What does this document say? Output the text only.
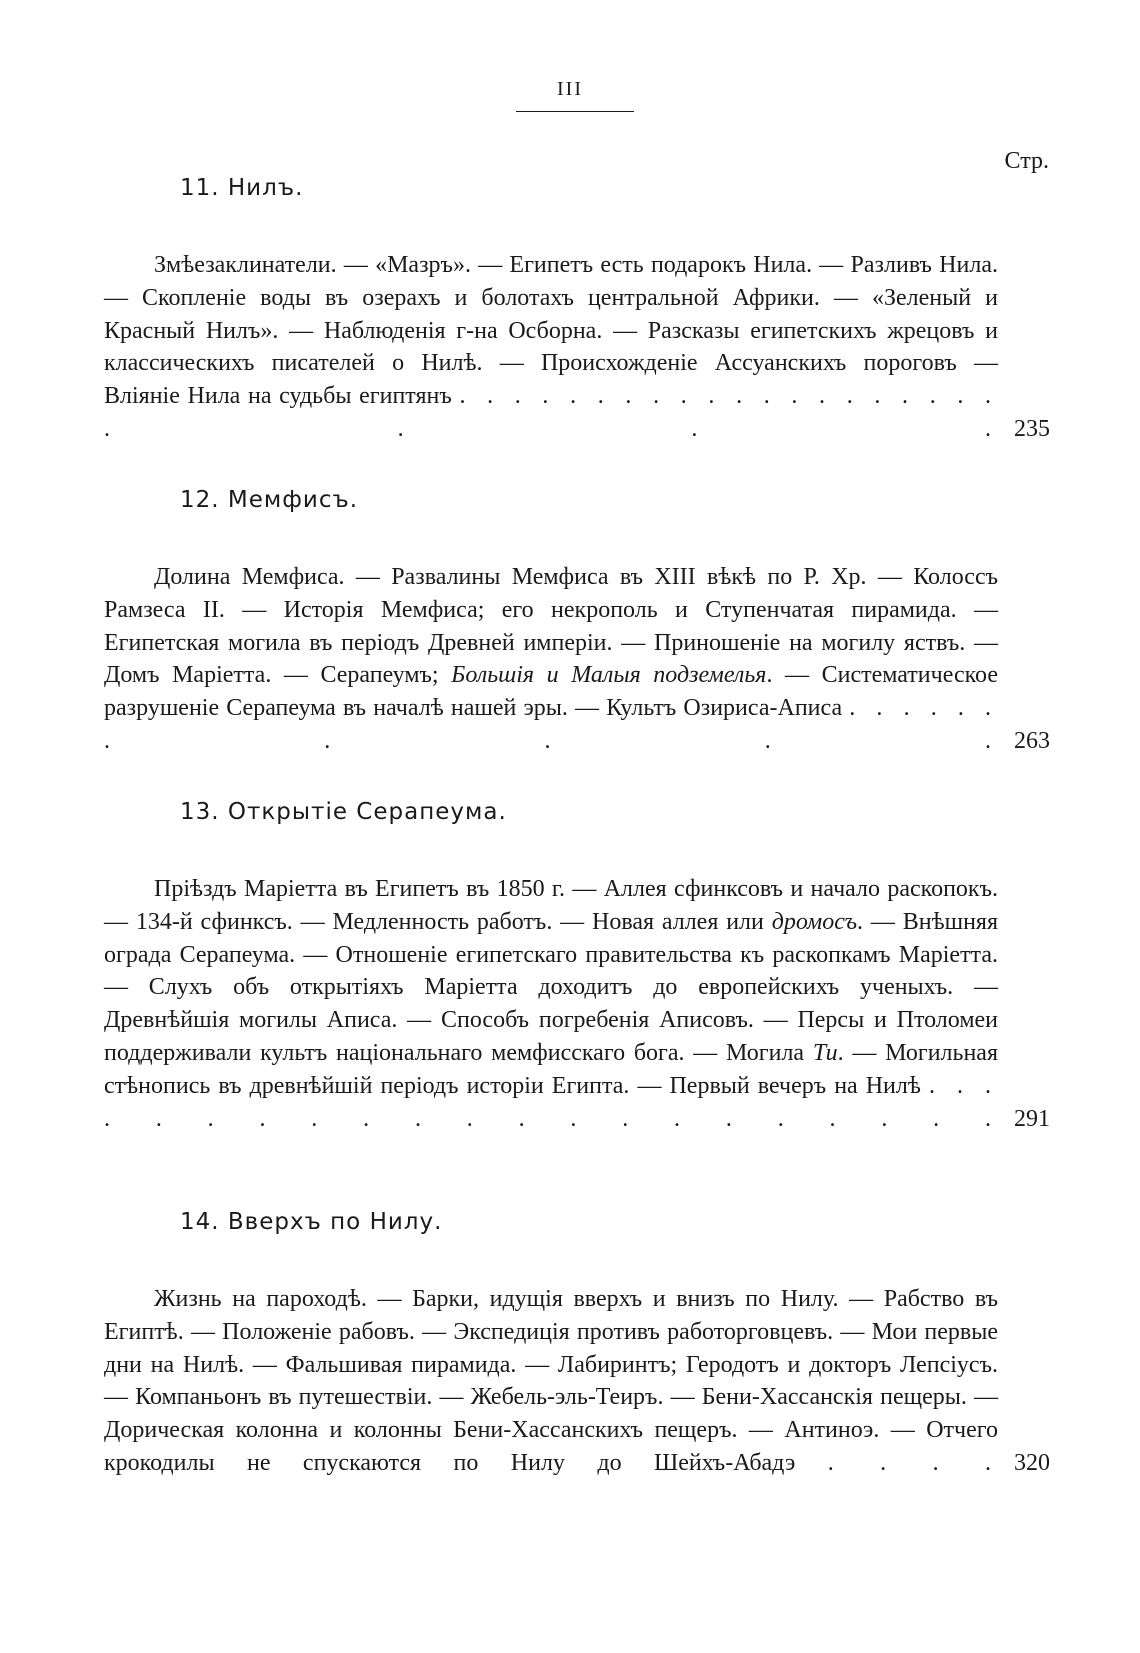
III
Стр.
11. Нилъ.
Змѣезаклинатели. — «Мазръ». — Египетъ есть подарокъ Нила. — Разливъ Нила. — Скопленіе воды въ озерахъ и болотахъ центральной Африки. — «Зеленый и Красный Нилъ». — Наблюденія г-на Осборна. — Разсказы египетскихъ жрецовъ и классическихъ писателей о Нилѣ. — Происхожденіе Ассуанскихъ пороговъ — Вліяніе Нила на судьбы египтянъ . . . . . . . . . . . . . . . . . . . . . . . . 235
12. Мемфисъ.
Долина Мемфиса. — Развалины Мемфиса въ XIII вѣкѣ по Р. Хр. — Колоссъ Рамзеса II. — Исторія Мемфиса; его некрополь и Ступенчатая пирамида. — Египетская могила въ періодъ Древней имперіи. — Приношеніе на могилу яствъ. — Домъ Маріетта. — Серапеумъ; Большія и Малыя подземелья. — Систематическое разрушеніе Серапеума въ началѣ нашей эры. — Культъ Озириса-Аписа . . . . . . . . . . . 263
13. Открытіе Серапеума.
Пріѣздъ Маріетта въ Египетъ въ 1850 г. — Аллея сфинксовъ и начало раскопокъ. — 134-й сфинксъ. — Медленность работъ. — Новая аллея или дромосъ. — Внѣшняя ограда Серапеума. — Отношеніе египетскаго правительства къ раскопкамъ Маріетта. — Слухъ объ открытіяхъ Маріетта доходитъ до европейскихъ ученыхъ. — Древнѣйшія могилы Аписа. — Способъ погребенія Аписовъ. — Персы и Птоломеи поддерживали культъ національнаго мемфисскаго бога. — Могила Ти. — Могильная стѣнопись въ древнѣйшій періодъ исторіи Египта. — Первый вечеръ на Нилѣ . . . . . . . . . . . . . . . . . . . . . 291
14. Вверхъ по Нилу.
Жизнь на пароходѣ. — Барки, идущія вверхъ и внизъ по Нилу. — Рабство въ Египтѣ. — Положеніе рабовъ. — Экспедиція противъ работорговцевъ. — Мои первые дни на Нилѣ. — Фальшивая пирамида. — Лабиринтъ; Геродотъ и докторъ Лепсіусъ. — Компаньонъ въ путешествіи. — Жебель-эль-Теиръ. — Бени-Хассанскія пещеры. — Дорическая колонна и колонны Бени-Хассанскихъ пещеръ. — Антиноэ. — Отчего крокодилы не спускаются по Нилу до Шейхъ-Абадэ . . . . 320
